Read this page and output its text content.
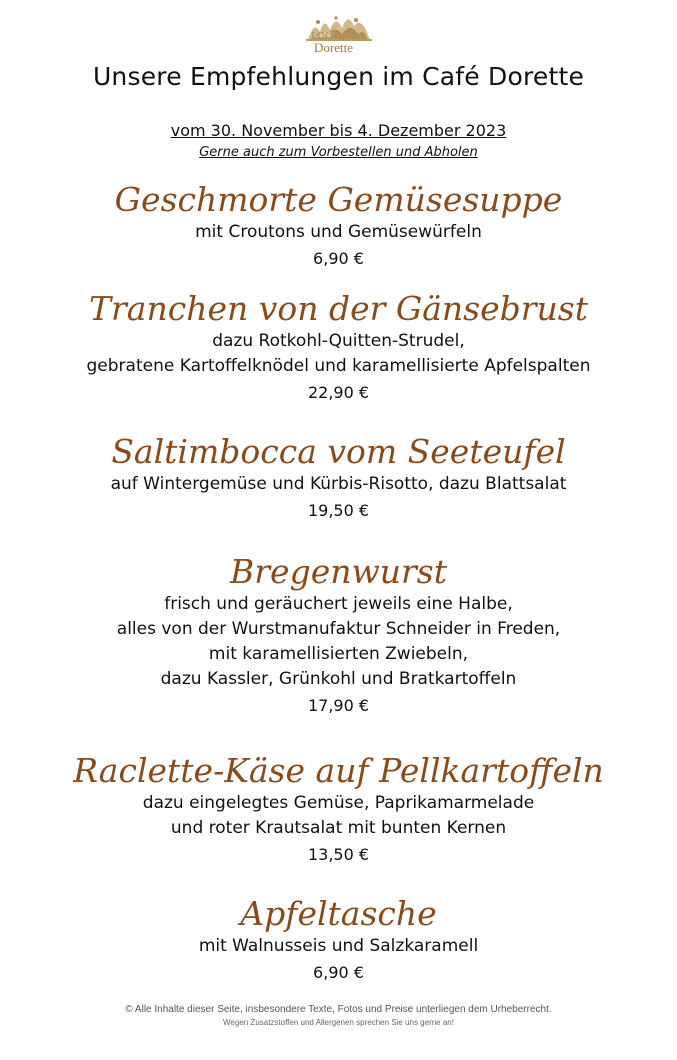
Café
Dorette
Unsere Empfehlungen im Café Dorette
vom 30. November bis 4. Dezember 2023
Gerne auch zum Vorbestellen und Abholen
Geschmorte Gemüsesuppe
mit Croutons und Gemüsewürfeln
6,90 €
Tranchen von der Gänsebrust
dazu Rotkohl-Quitten-Strudel,
gebratene Kartoffelknödel und karamellisierte Apfelspalten
22,90 €
Saltimbocca vom Seeteufel
auf Wintergemüse und Kürbis-Risotto, dazu Blattsalat
19,50 €
Bregenwurst
frisch und geräuchert jeweils eine Halbe,
alles von der Wurstmanufaktur Schneider in Freden,
mit karamellisierten Zwiebeln,
dazu Kassler, Grünkohl und Bratkartoffeln
17,90 €
Raclette-Käse auf Pellkartoffeln
dazu eingelegtes Gemüse, Paprikamarmelade
und roter Krautsalat mit bunten Kernen
13,50 €
Apfeltasche
mit Walnusseis und Salzkaramell
6,90 €
© Alle Inhalte dieser Seite, insbesondere Texte, Fotos und Preise unterliegen dem Urheberrecht.
Wegen Zusatzstoffen und Allergenen sprechen Sie uns gerne an!
